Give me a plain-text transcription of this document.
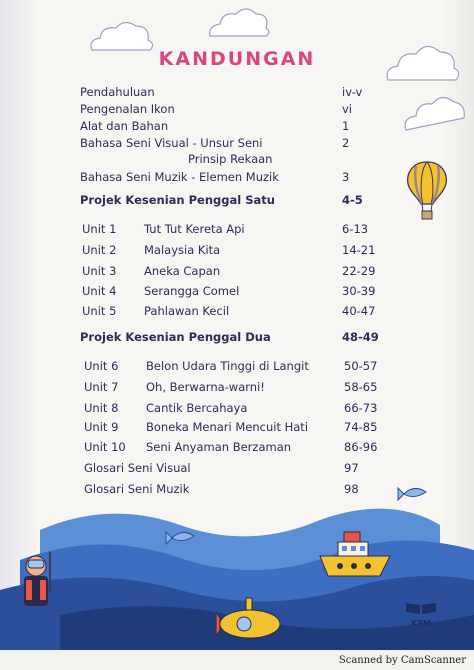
KANDUNGAN
Pendahuluan	iv-v
Pengenalan Ikon	vi
Alat dan Bahan	1
Bahasa Seni Visual - Unsur Seni	2
Prinsip Rekaan
Bahasa Seni Muzik - Elemen Muzik	3
Projek Kesenian Penggal Satu	4-5
Unit 1 Tut Tut Kereta Api	6-13
Unit 2 Malaysia Kita	14-21
Unit 3 Aneka Capan	22-29
Unit 4 Serangga Comel	30-39
Unit 5 Pahlawan Kecil	40-47
Projek Kesenian Penggal Dua	48-49
Unit 6 Belon Udara Tinggi di Langit	50-57
Unit 7 Oh, Berwarna-warni!	58-65
Unit 8 Cantik Bercahaya	66-73
Unit 9 Boneka Menari Mencuit Hati	74-85
Unit 10 Seni Anyaman Berzaman	86-96
Glosari Seni Visual	97
Glosari Seni Muzik	98
KPM
Scanned by CamScanner
